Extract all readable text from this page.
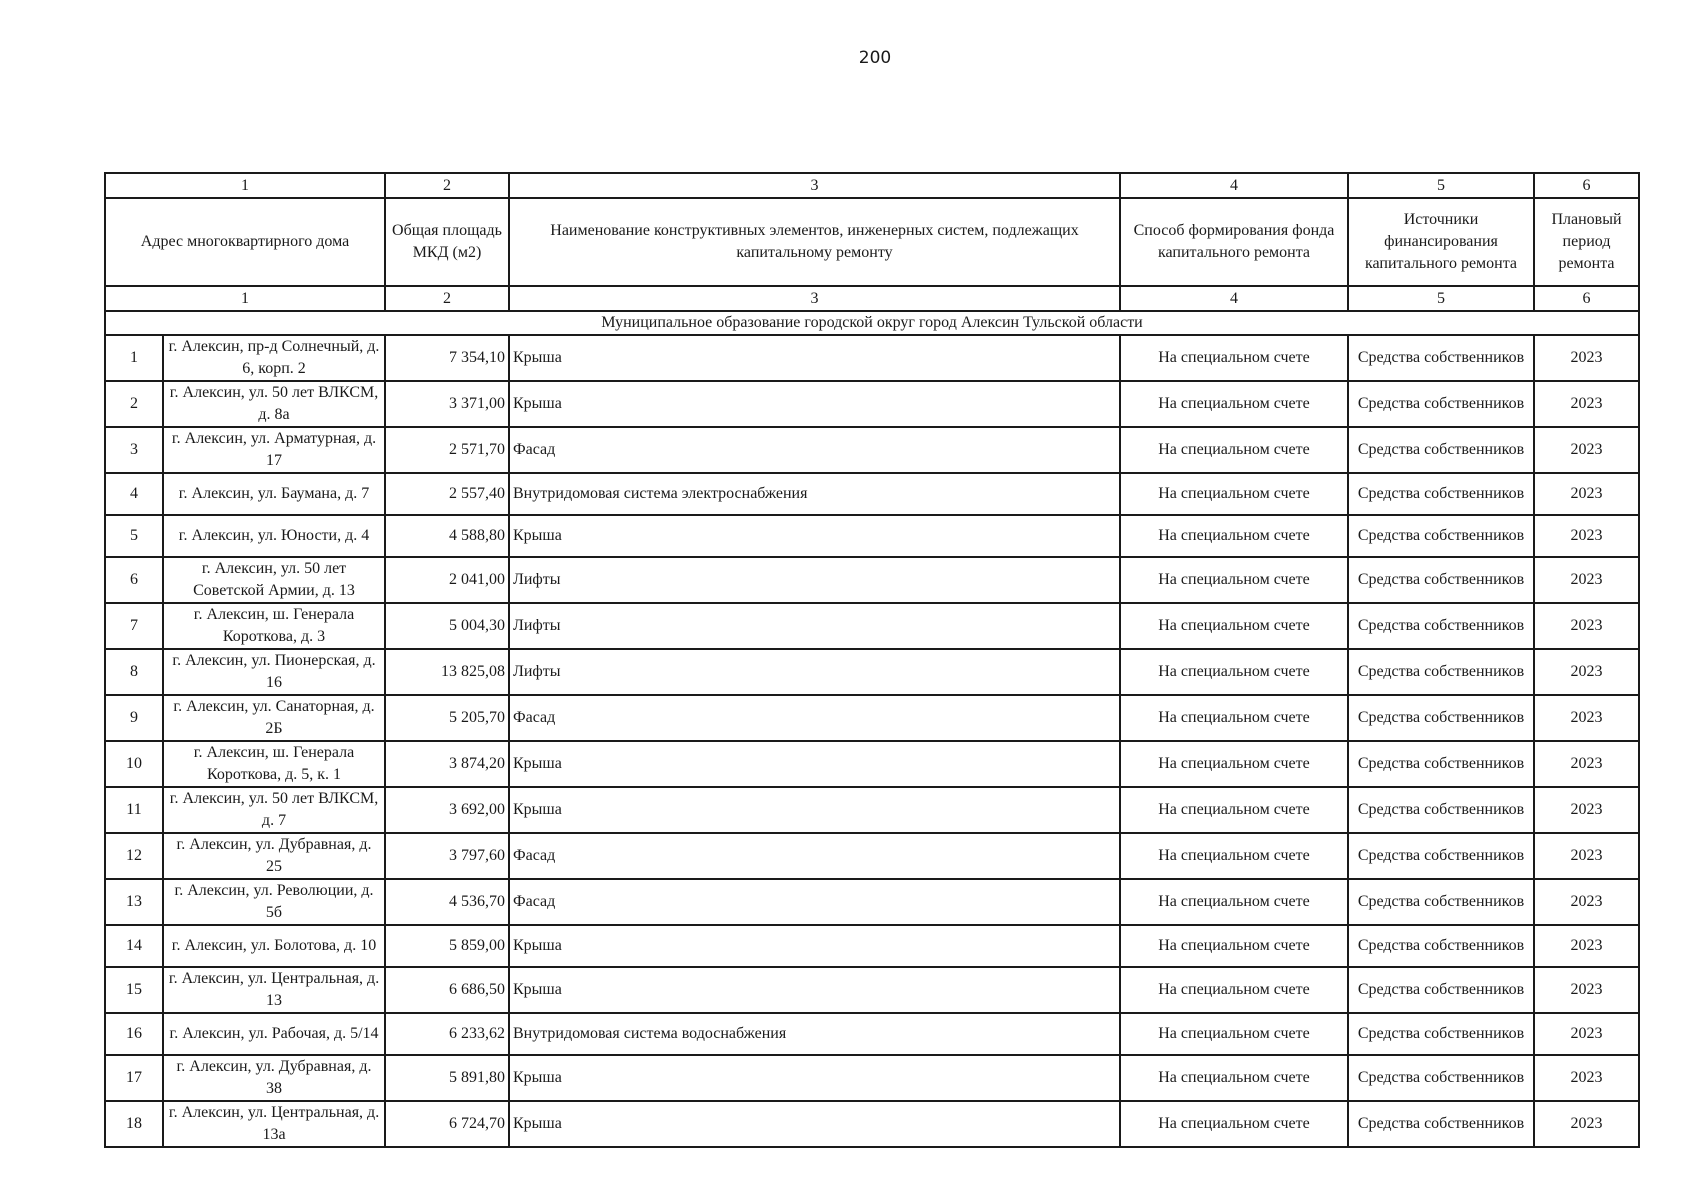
200
1		2	3	4	5	6
Адрес многоквартирного дома		Общая площадь МКД (м2)	Наименование конструктивных элементов, инженерных систем, подлежащих капитальному ремонту	Способ формирования фонда капитального ремонта	Источники финансирования капитального ремонта	Плановый период ремонта
1		2	3	4	5	6
Муниципальное образование городской округ город Алексин Тульской области						
1	г. Алексин, пр-д Солнечный, д. 6, корп. 2	7 354,10	Крыша	На специальном счете	Средства собственников	2023
2	г. Алексин, ул. 50 лет ВЛКСМ, д. 8а	3 371,00	Крыша	На специальном счете	Средства собственников	2023
3	г. Алексин, ул. Арматурная, д. 17	2 571,70	Фасад	На специальном счете	Средства собственников	2023
4	г. Алексин, ул. Баумана, д. 7	2 557,40	Внутридомовая система электроснабжения	На специальном счете	Средства собственников	2023
5	г. Алексин, ул. Юности, д. 4	4 588,80	Крыша	На специальном счете	Средства собственников	2023
6	г. Алексин, ул. 50 лет Советской Армии, д. 13	2 041,00	Лифты	На специальном счете	Средства собственников	2023
7	г. Алексин, ш. Генерала Короткова, д. 3	5 004,30	Лифты	На специальном счете	Средства собственников	2023
8	г. Алексин, ул. Пионерская, д. 16	13 825,08	Лифты	На специальном счете	Средства собственников	2023
9	г. Алексин, ул. Санаторная, д. 2Б	5 205,70	Фасад	На специальном счете	Средства собственников	2023
10	г. Алексин, ш. Генерала Короткова, д. 5, к. 1	3 874,20	Крыша	На специальном счете	Средства собственников	2023
11	г. Алексин, ул. 50 лет ВЛКСМ, д. 7	3 692,00	Крыша	На специальном счете	Средства собственников	2023
12	г. Алексин, ул. Дубравная, д. 25	3 797,60	Фасад	На специальном счете	Средства собственников	2023
13	г. Алексин, ул. Революции, д. 5б	4 536,70	Фасад	На специальном счете	Средства собственников	2023
14	г. Алексин, ул. Болотова, д. 10	5 859,00	Крыша	На специальном счете	Средства собственников	2023
15	г. Алексин, ул. Центральная, д. 13	6 686,50	Крыша	На специальном счете	Средства собственников	2023
16	г. Алексин, ул. Рабочая, д. 5/14	6 233,62	Внутридомовая система водоснабжения	На специальном счете	Средства собственников	2023
17	г. Алексин, ул. Дубравная, д. 38	5 891,80	Крыша	На специальном счете	Средства собственников	2023
18	г. Алексин, ул. Центральная, д. 13а	6 724,70	Крыша	На специальном счете	Средства собственников	2023
